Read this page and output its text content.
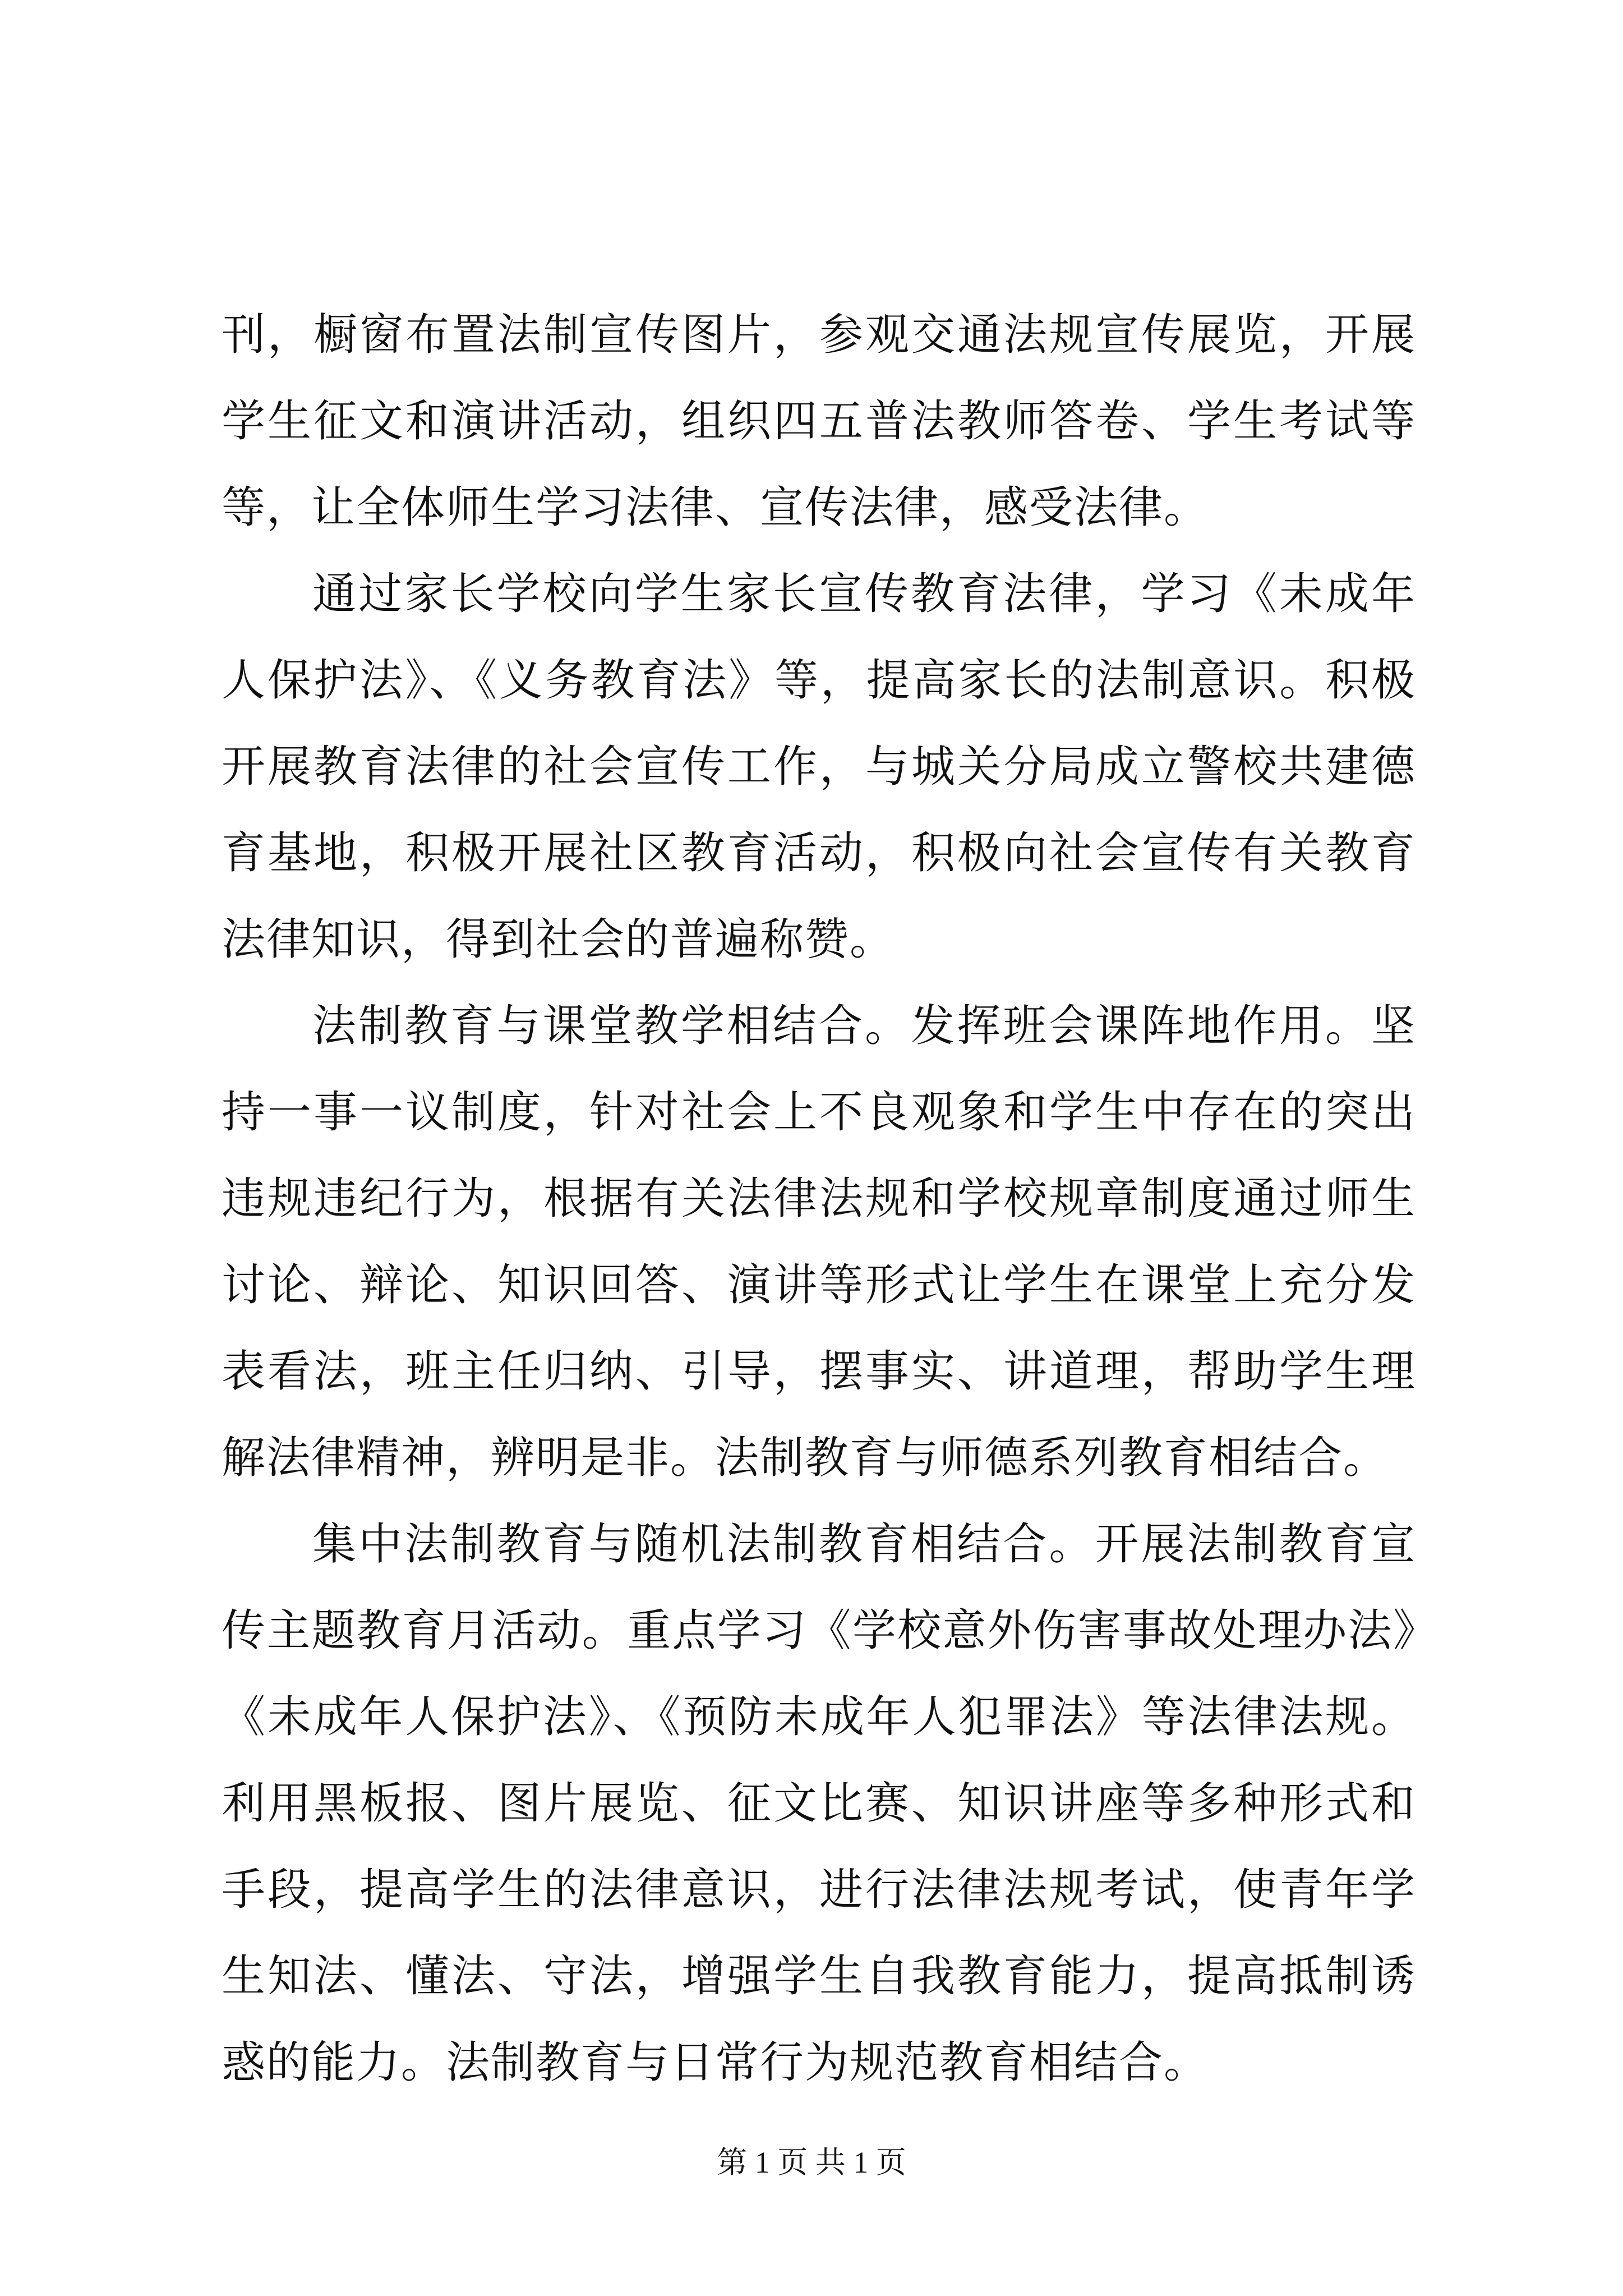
刊，橱窗布置法制宣传图片，参观交通法规宣传展览，开展学生征文和演讲活动，组织四五普法教师答卷、学生考试等等，让全体师生学习法律、宣传法律，感受法律。

通过家长学校向学生家长宣传教育法律，学习《未成年人保护法》、《义务教育法》等，提高家长的法制意识。积极开展教育法律的社会宣传工作，与城关分局成立警校共建德育基地，积极开展社区教育活动，积极向社会宣传有关教育法律知识，得到社会的普遍称赞。

法制教育与课堂教学相结合。发挥班会课阵地作用。坚持一事一议制度，针对社会上不良观象和学生中存在的突出违规违纪行为，根据有关法律法规和学校规章制度通过师生讨论、辩论、知识回答、演讲等形式让学生在课堂上充分发表看法，班主任归纳、引导，摆事实、讲道理，帮助学生理解法律精神，辨明是非。法制教育与师德系列教育相结合。

集中法制教育与随机法制教育相结合。开展法制教育宣传主题教育月活动。重点学习《学校意外伤害事故处理办法》《未成年人保护法》、《预防未成年人犯罪法》等法律法规。利用黑板报、图片展览、征文比赛、知识讲座等多种形式和手段，提高学生的法律意识，进行法律法规考试，使青年学生知法、懂法、守法，增强学生自我教育能力，提高抵制诱惑的能力。法制教育与日常行为规范教育相结合。

第 1 页 共 1 页
